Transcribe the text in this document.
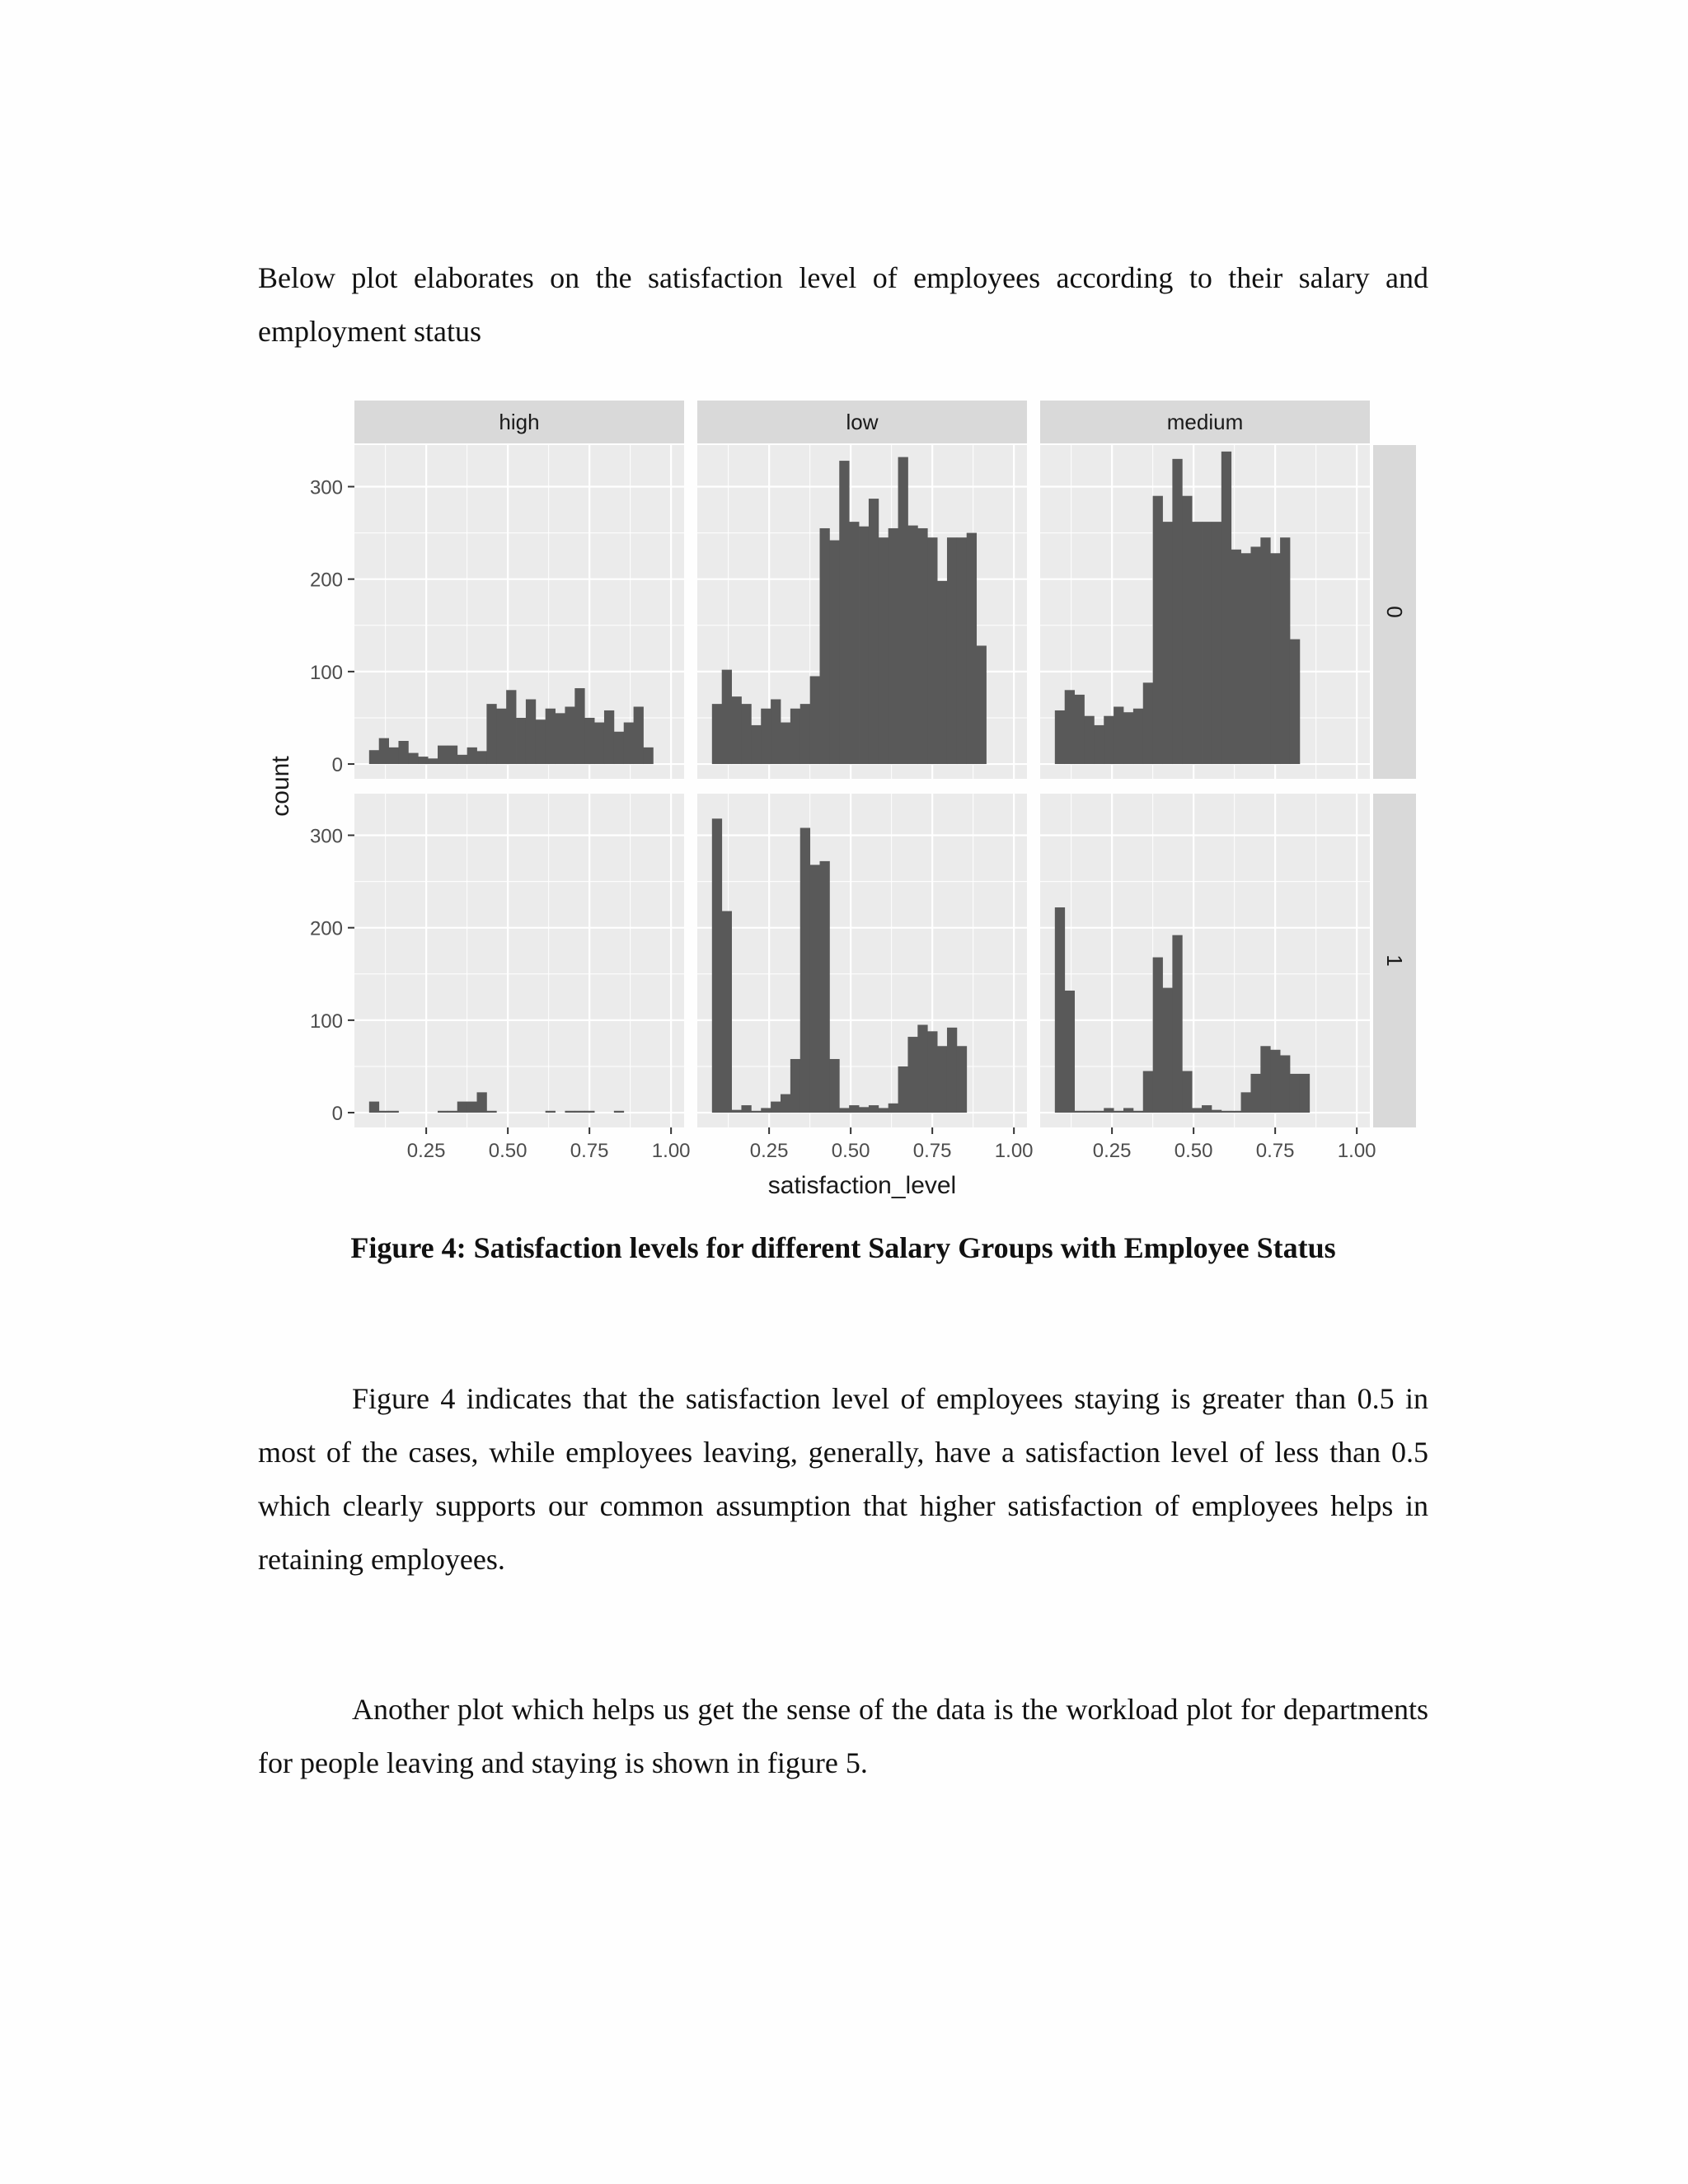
Below plot elaborates on the satisfaction level of employees according to their salary and employment status

high	low	medium
0
1
0
100
200
300
0
100
200
300
0.25 0.50 0.75 1.00	0.25 0.50 0.75 1.00	0.25 0.50 0.75 1.00
satisfaction_level
count

Figure 4: Satisfaction levels for different Salary Groups with Employee Status

Figure 4 indicates that the satisfaction level of employees staying is greater than 0.5 in most of the cases, while employees leaving, generally, have a satisfaction level of less than 0.5 which clearly supports our common assumption that higher satisfaction of employees helps in retaining employees.

Another plot which helps us get the sense of the data is the workload plot for departments for people leaving and staying is shown in figure 5.
